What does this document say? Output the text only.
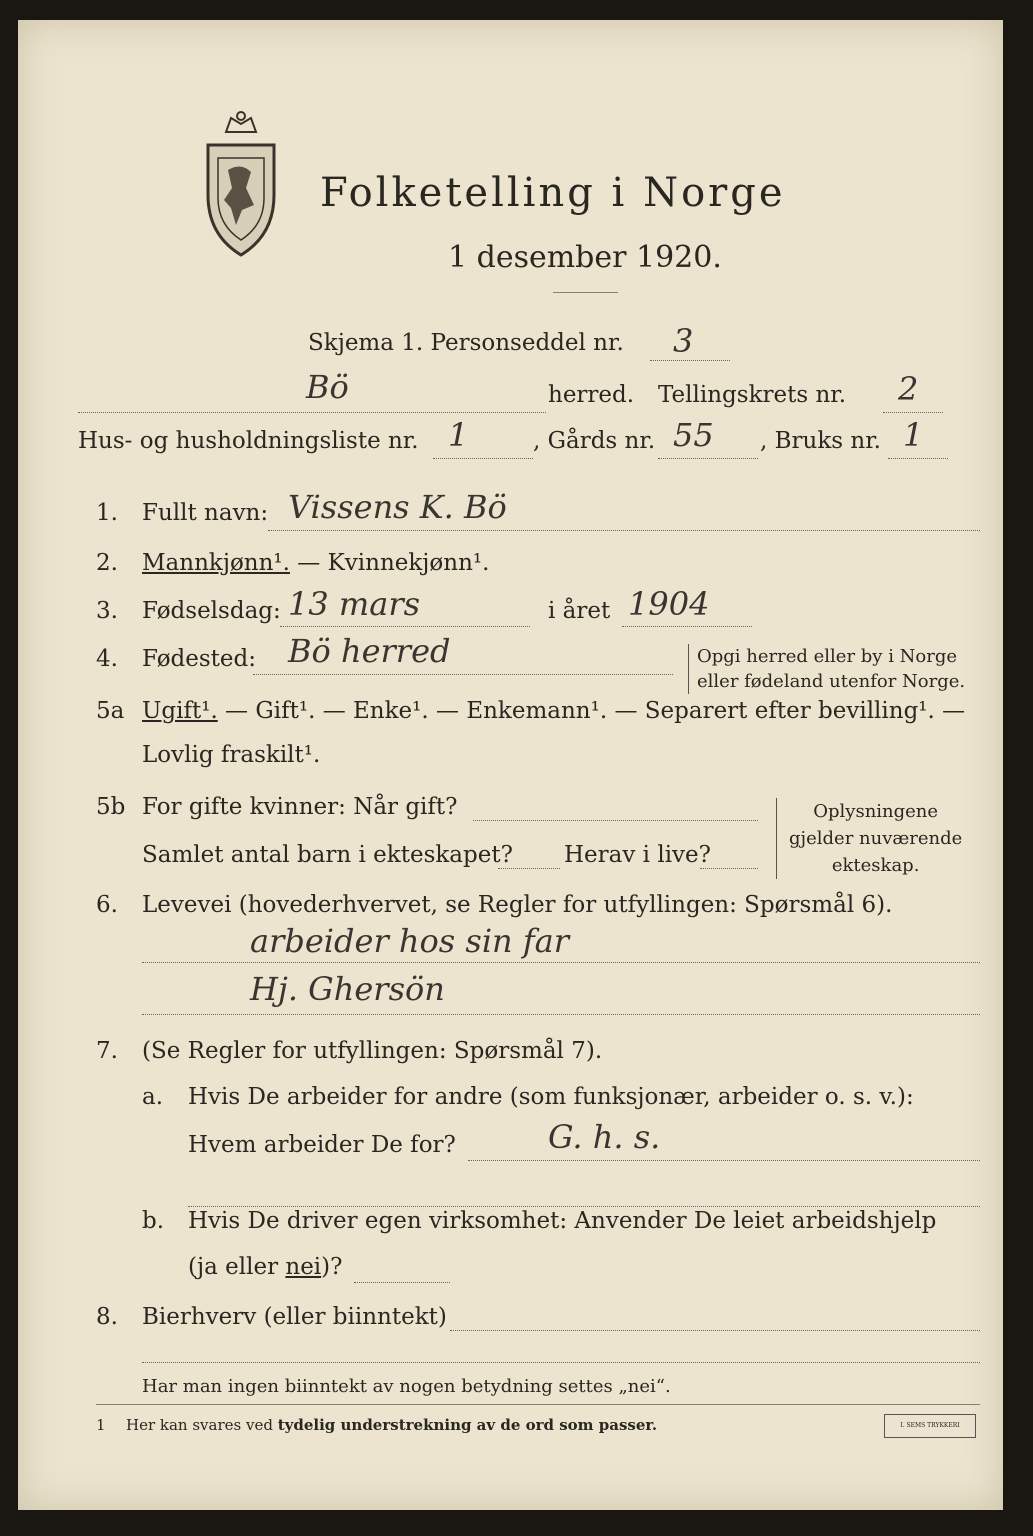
Folketelling i Norge
1 desember 1920.
Skjema 1. Personseddel nr. 3
Bö	herred. Tellingskrets nr. 2
Hus- og husholdningsliste nr. 1	, Gårds nr. 55 , Bruks nr. 1
1. Fullt navn: Vissens K. Bö
2. Mannkjønn¹. — Kvinnekjønn¹.
3. Fødselsdag: 13 mars	i året 1904
4. Fødested: Bö herred	Opgi herred eller by i Norge
eller fødeland utenfor Norge.
5a Ugift¹. — Gift¹. — Enke¹. — Enkemann¹. — Separert efter bevilling¹. —
Lovlig fraskilt¹.
5b For gifte kvinner: Når gift?
Samlet antal barn i ekteskapet? Herav i live?
Oplysningene
gjelder nuværende
ekteskap.
6. Levevei (hovederhvervet, se Regler for utfyllingen: Spørsmål 6).
arbeider hos sin far
Hj. Ghersön
7. (Se Regler for utfyllingen: Spørsmål 7).
a. Hvis De arbeider for andre (som funksjonær, arbeider o. s. v.):
Hvem arbeider De for?	G. h. s.
b. Hvis De driver egen virksomhet: Anvender De leiet arbeidshjelp
(ja eller nei)?
8. Bierhverv (eller biinntekt)
Har man ingen biinntekt av nogen betydning settes „nei“.
1 Her kan svares ved tydelig understrekning av de ord som passer.	I. SEMS TRYKKERI
